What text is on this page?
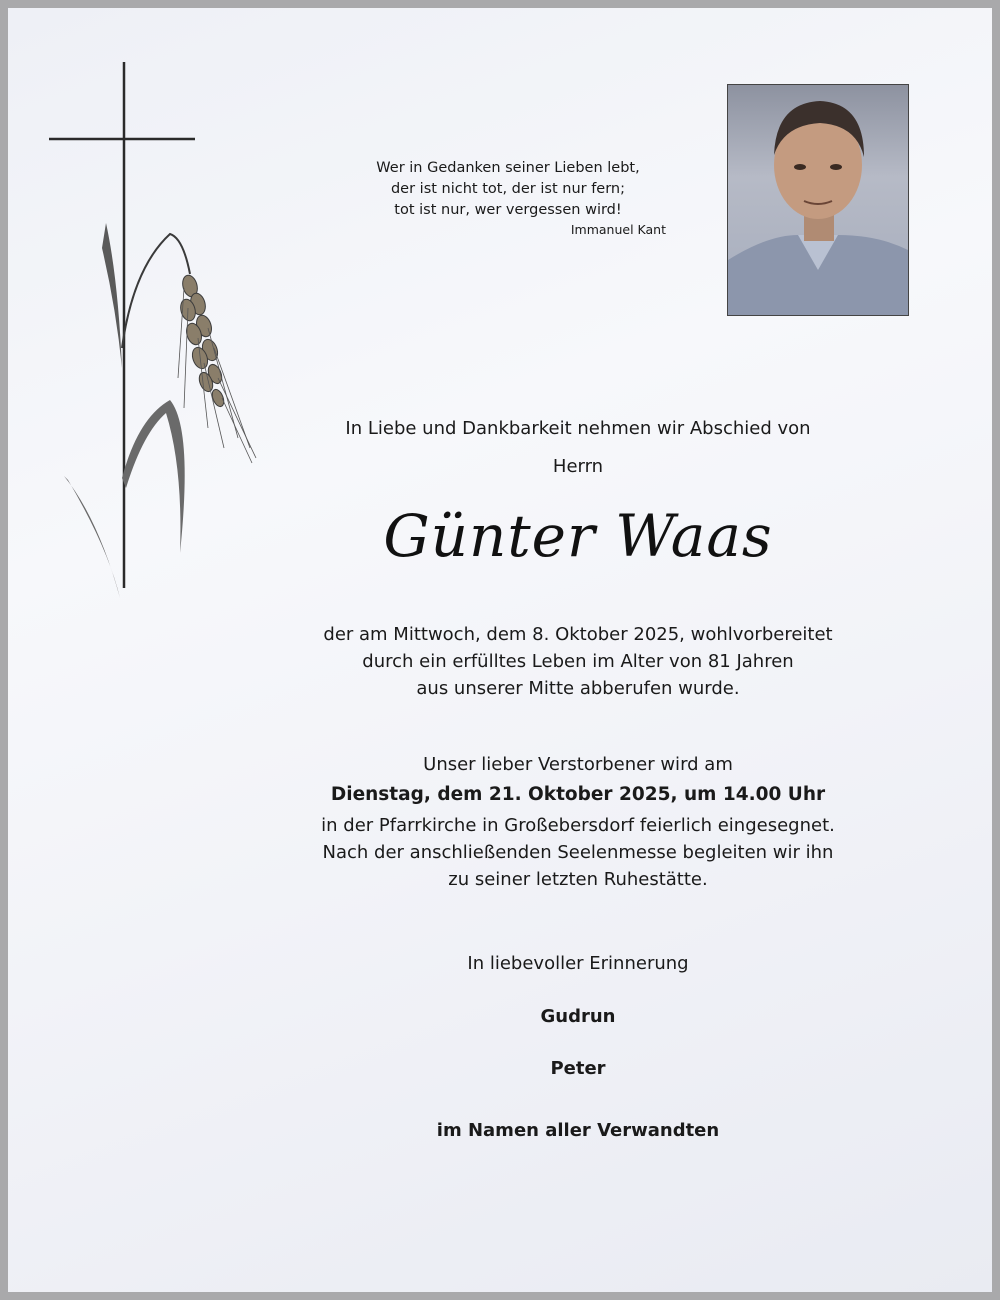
Wer in Gedanken seiner Lieben lebt,
der ist nicht tot, der ist nur fern;
tot ist nur, wer vergessen wird!
Immanuel Kant
In Liebe und Dankbarkeit nehmen wir Abschied von
Herrn
Günter Waas
der am Mittwoch, dem 8. Oktober 2025, wohlvorbereitet
durch ein erfülltes Leben im Alter von 81 Jahren
aus unserer Mitte abberufen wurde.
Unser lieber Verstorbener wird am
Dienstag, dem 21. Oktober 2025, um 14.00 Uhr
in der Pfarrkirche in Großebersdorf feierlich eingesegnet.
Nach der anschließenden Seelenmesse begleiten wir ihn
zu seiner letzten Ruhestätte.
In liebevoller Erinnerung
Gudrun
Peter
im Namen aller Verwandten
